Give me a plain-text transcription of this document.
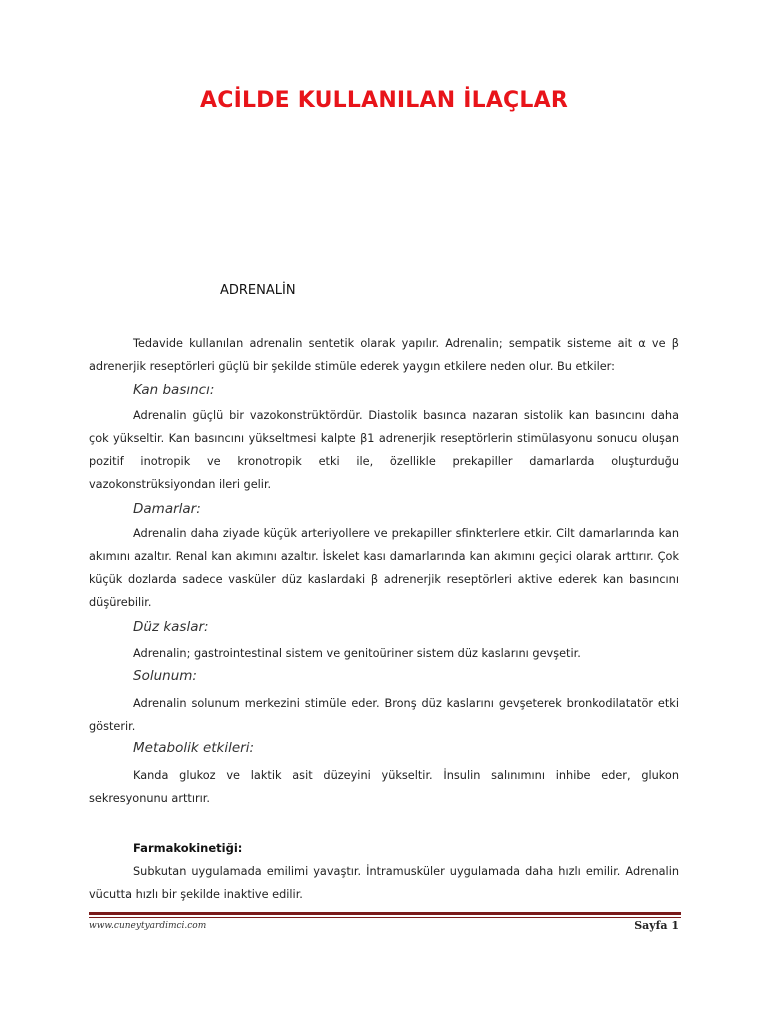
ACİLDE KULLANILAN İLAÇLAR
ADRENALİN
Tedavide kullanılan adrenalin sentetik olarak yapılır. Adrenalin; sempatik sisteme ait α ve β adrenerjik reseptörleri güçlü bir şekilde stimüle ederek yaygın etkilere neden olur. Bu etkiler:
Kan basıncı:
Adrenalin güçlü bir vazokonstrüktördür. Diastolik basınca nazaran sistolik kan basıncını daha çok yükseltir. Kan basıncını yükseltmesi kalpte β1 adrenerjik reseptörlerin stimülasyonu sonucu oluşan pozitif inotropik ve kronotropik etki ile, özellikle prekapiller damarlarda oluşturduğu vazokonstrüksiyondan ileri gelir.
Damarlar:
Adrenalin daha ziyade küçük arteriyollere ve prekapiller sfinkterlere etkir. Cilt damarlarında kan akımını azaltır. Renal kan akımını azaltır. İskelet kası damarlarında kan akımını geçici olarak arttırır. Çok küçük dozlarda sadece vasküler düz kaslardaki β adrenerjik reseptörleri aktive ederek kan basıncını düşürebilir.
Düz kaslar:
Adrenalin; gastrointestinal sistem ve genitoüriner sistem düz kaslarını gevşetir.
Solunum:
Adrenalin solunum merkezini stimüle eder. Bronş düz kaslarını gevşeterek bronkodilatatör etki gösterir.
Metabolik etkileri:
Kanda glukoz ve laktik asit düzeyini yükseltir. İnsulin salınımını inhibe eder, glukon sekresyonunu arttırır.
Farmakokinetiği:
Subkutan uygulamada emilimi yavaştır. İntramusküler uygulamada daha hızlı emilir. Adrenalin vücutta hızlı bir şekilde inaktive edilir.
www.cuneytyardimci.com	Sayfa 1
